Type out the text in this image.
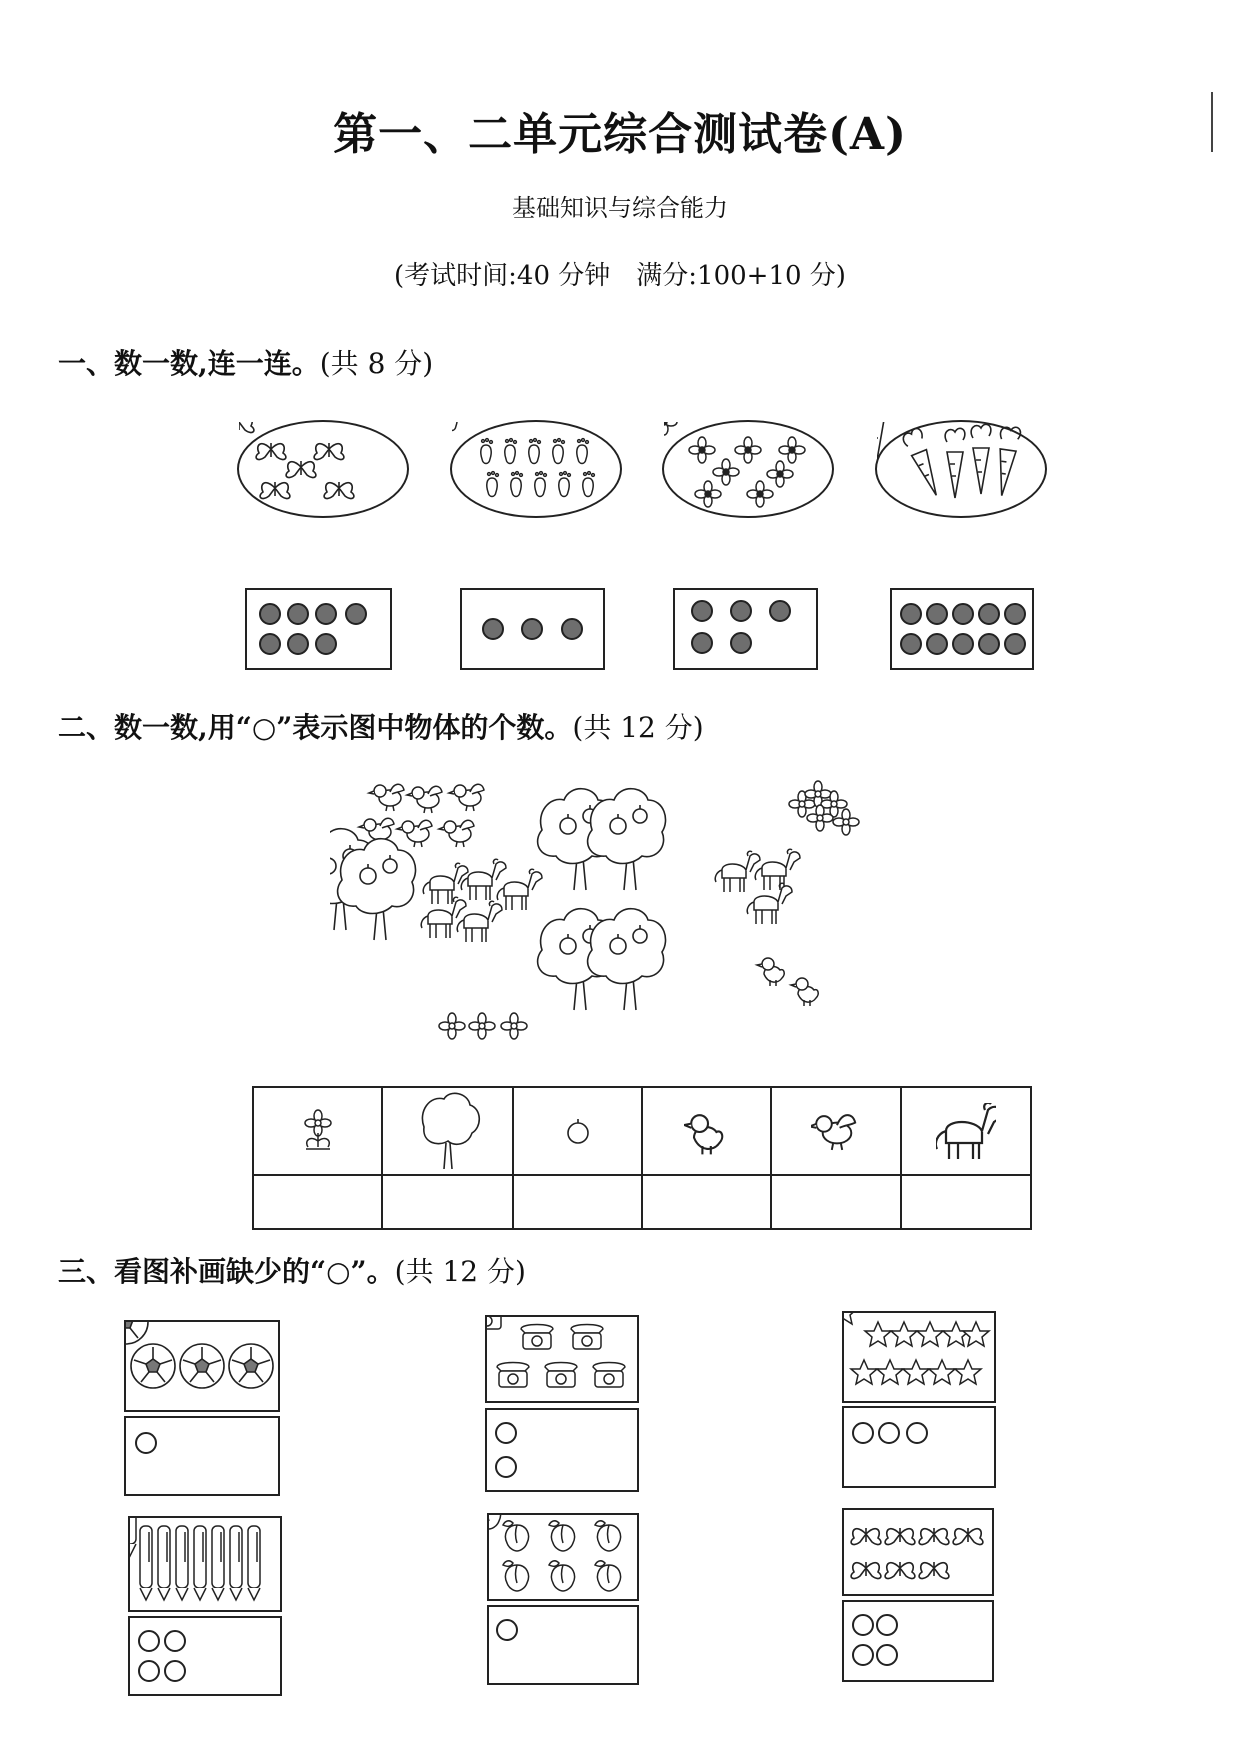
第一、二单元综合测试卷(A)
基础知识与综合能力
(考试时间:40 分钟　满分:100+10 分)
一、数一数,连一连。(共 8 分)
二、数一数,用“○”表示图中物体的个数。(共 12 分)

三、看图补画缺少的“○”。(共 12 分)
